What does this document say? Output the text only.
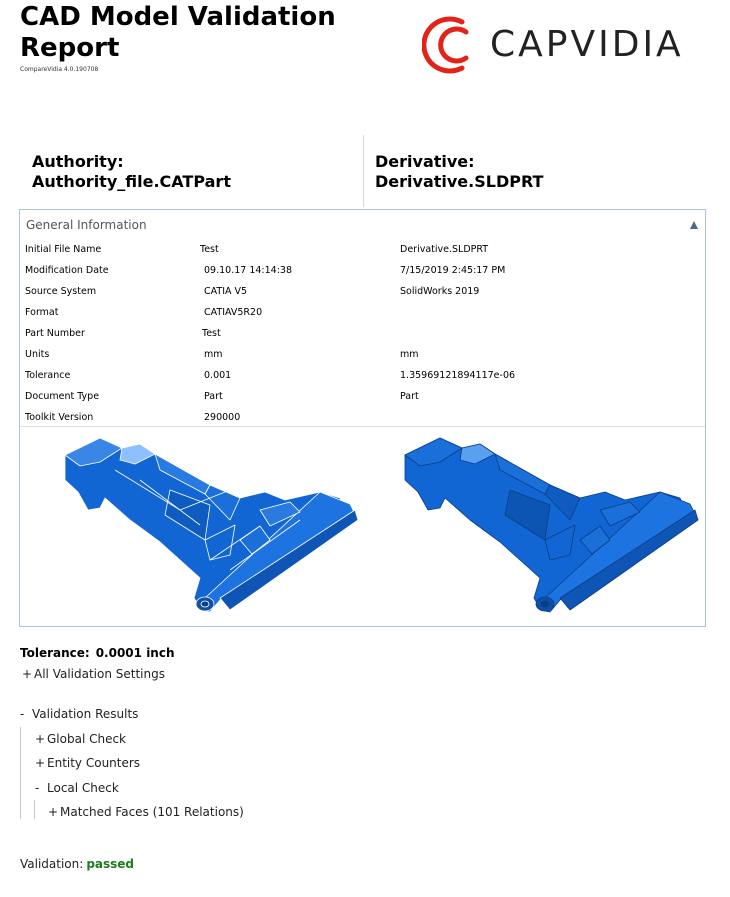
CAD Model Validation Report
CompareVidia 4.0.190708
CAPVIDIA
Authority:
Authority_file.CATPart
Derivative:
Derivative.SLDPRT
General Information
Initial File Name	Test	Derivative.SLDPRT
Modification Date	09.10.17 14:14:38	7/15/2019 2:45:17 PM
Source System	CATIA V5	SolidWorks 2019
Format	CATIAV5R20
Part Number	Test
Units	mm	mm
Tolerance	0.001	1.35969121894117e-06
Document Type	Part	Part
Toolkit Version	290000
Tolerance: 0.0001 inch
+ All Validation Settings
- Validation Results
+ Global Check
+ Entity Counters
- Local Check
+ Matched Faces (101 Relations)
Validation: passed
